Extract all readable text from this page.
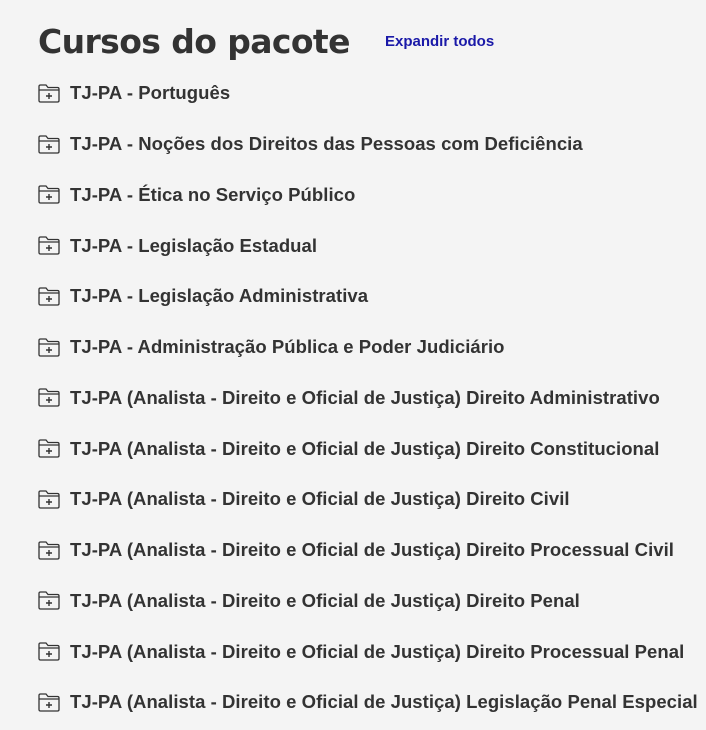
Cursos do pacote Expandir todos
TJ-PA - Português
TJ-PA - Noções dos Direitos das Pessoas com Deficiência
TJ-PA - Ética no Serviço Público
TJ-PA - Legislação Estadual
TJ-PA - Legislação Administrativa
TJ-PA - Administração Pública e Poder Judiciário
TJ-PA (Analista - Direito e Oficial de Justiça) Direito Administrativo
TJ-PA (Analista - Direito e Oficial de Justiça) Direito Constitucional
TJ-PA (Analista - Direito e Oficial de Justiça) Direito Civil
TJ-PA (Analista - Direito e Oficial de Justiça) Direito Processual Civil
TJ-PA (Analista - Direito e Oficial de Justiça) Direito Penal
TJ-PA (Analista - Direito e Oficial de Justiça) Direito Processual Penal
TJ-PA (Analista - Direito e Oficial de Justiça) Legislação Penal Especial
